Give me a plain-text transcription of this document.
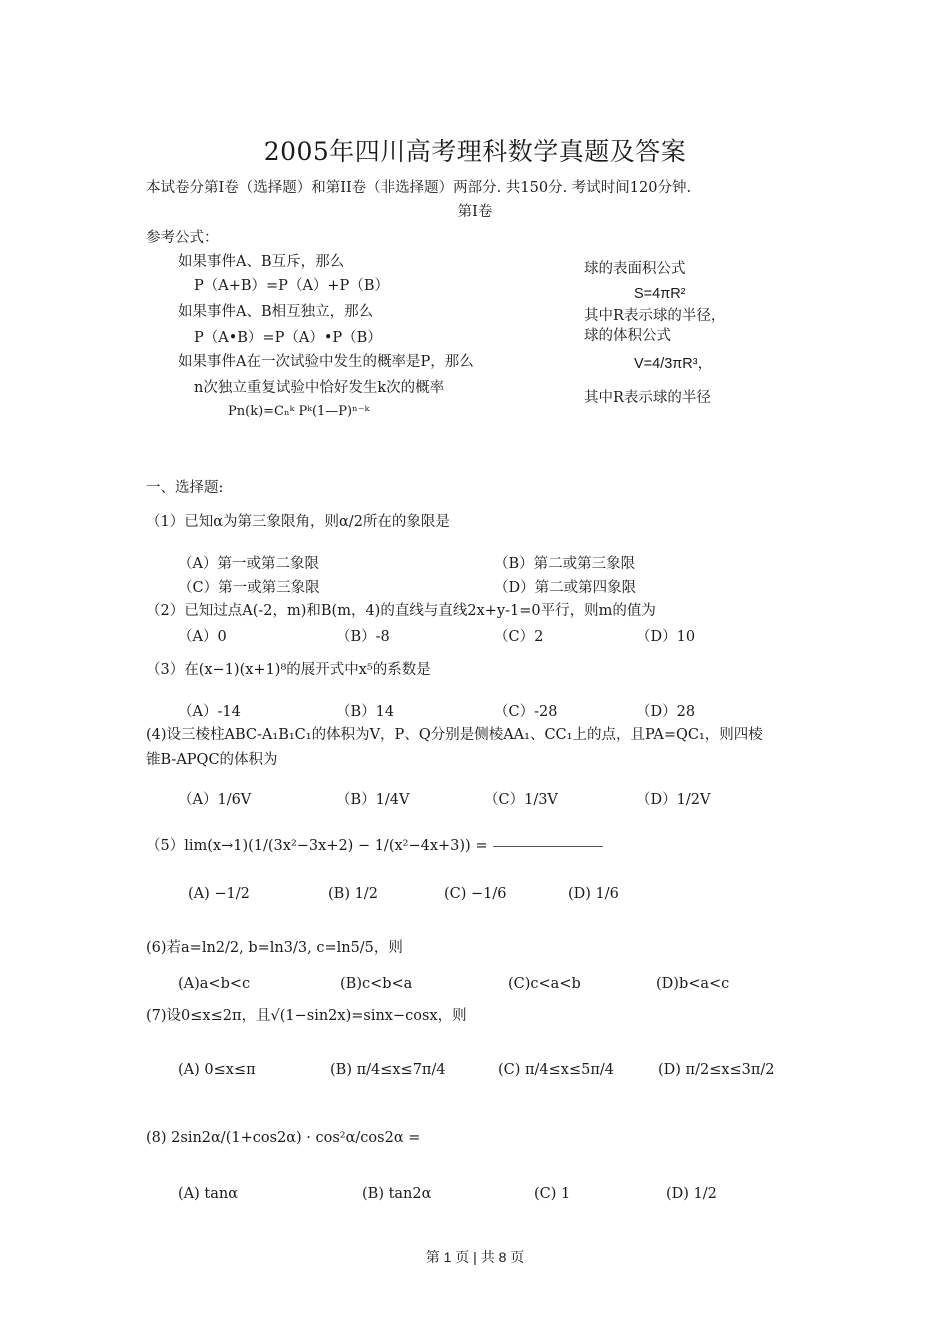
2005年四川高考理科数学真题及答案
本试卷分第Ⅰ卷（选择题）和第II卷（非选择题）两部分. 共150分. 考试时间120分钟.
第Ⅰ卷
参考公式：
如果事件A、B互斥，那么
P（A+B）=P（A）+P（B）
如果事件A、B相互独立，那么
P（A•B）=P（A）•P（B）
如果事件A在一次试验中发生的概率是P，那么
n次独立重复试验中恰好发生k次的概率
Pn(k)=Cₙᵏ Pᵏ(1—P)ⁿ⁻ᵏ
球的表面积公式
S=4πR²
其中R表示球的半径，
球的体积公式
V=4/3πR³，
其中R表示球的半径
一、选择题:
（1）已知α为第三象限角，则α/2所在的象限是
（A）第一或第二象限	（B）第二或第三象限
（C）第一或第三象限	（D）第二或第四象限
（2）已知过点A(-2，m)和B(m，4)的直线与直线2x+y-1=0平行，则m的值为
（A）0	（B）-8	（C）2	（D）10
（3）在(x−1)(x+1)⁸的展开式中x⁵的系数是
（A）-14	（B）14	（C）-28	（D）28
(4)设三棱柱ABC-A₁B₁C₁的体积为V，P、Q分别是侧棱AA₁、CC₁上的点，且PA=QC₁，则四棱
锥B-APQC的体积为
（A）1/6V	（B）1/4V	（C）1/3V	（D）1/2V
（5）lim(x→1)(1/(3x²−3x+2) − 1/(x²−4x+3)) =
(A) −1/2	(B) 1/2	(C) −1/6	(D) 1/6
(6)若a=ln2/2, b=ln3/3, c=ln5/5，则
(A)a<b<c	(B)c<b<a	(C)c<a<b	(D)b<a<c
(7)设0≤x≤2π，且√(1−sin2x)=sinx−cosx，则
(A) 0≤x≤π	(B) π/4≤x≤7π/4	(C) π/4≤x≤5π/4	(D) π/2≤x≤3π/2
(8) 2sin2α/(1+cos2α) · cos²α/cos2α =
(A) tanα	(B) tan2α	(C) 1	(D) 1/2
第 1 页 | 共 8 页
